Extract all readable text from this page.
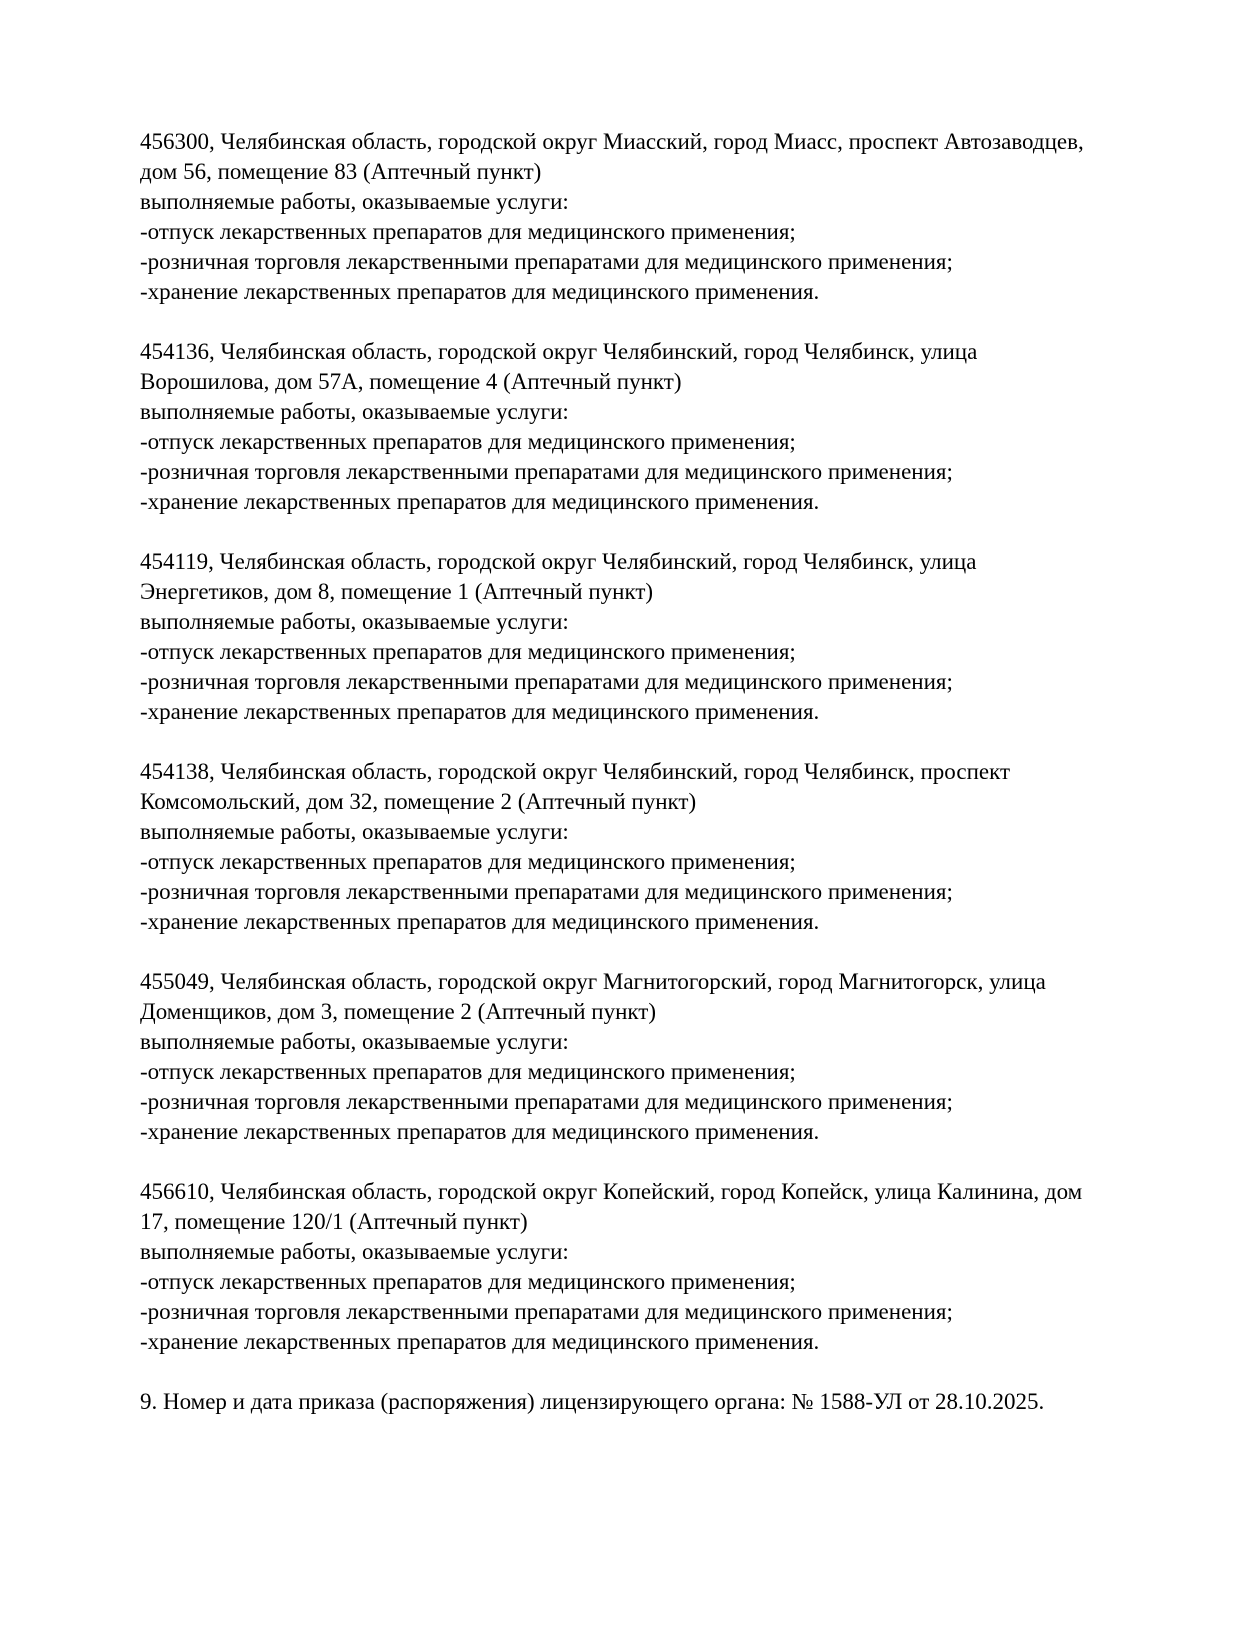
456300, Челябинская область, городской округ Миасский, город Миасс, проспект Автозаводцев,

дом 56, помещение 83 (Аптечный пункт)

выполняемые работы, оказываемые услуги:

-отпуск лекарственных препаратов для медицинского применения;

-розничная торговля лекарственными препаратами для медицинского применения;

-хранение лекарственных препаратов для медицинского применения.

454136, Челябинская область, городской округ Челябинский, город Челябинск, улица

Ворошилова, дом 57А, помещение 4 (Аптечный пункт)

выполняемые работы, оказываемые услуги:

-отпуск лекарственных препаратов для медицинского применения;

-розничная торговля лекарственными препаратами для медицинского применения;

-хранение лекарственных препаратов для медицинского применения.

454119, Челябинская область, городской округ Челябинский, город Челябинск, улица

Энергетиков, дом 8, помещение 1 (Аптечный пункт)

выполняемые работы, оказываемые услуги:

-отпуск лекарственных препаратов для медицинского применения;

-розничная торговля лекарственными препаратами для медицинского применения;

-хранение лекарственных препаратов для медицинского применения.

454138, Челябинская область, городской округ Челябинский, город Челябинск, проспект

Комсомольский, дом 32, помещение 2 (Аптечный пункт)

выполняемые работы, оказываемые услуги:

-отпуск лекарственных препаратов для медицинского применения;

-розничная торговля лекарственными препаратами для медицинского применения;

-хранение лекарственных препаратов для медицинского применения.

455049, Челябинская область, городской округ Магнитогорский, город Магнитогорск, улица

Доменщиков, дом 3, помещение 2 (Аптечный пункт)

выполняемые работы, оказываемые услуги:

-отпуск лекарственных препаратов для медицинского применения;

-розничная торговля лекарственными препаратами для медицинского применения;

-хранение лекарственных препаратов для медицинского применения.

456610, Челябинская область, городской округ Копейский, город Копейск, улица Калинина, дом

17, помещение 120/1 (Аптечный пункт)

выполняемые работы, оказываемые услуги:

-отпуск лекарственных препаратов для медицинского применения;

-розничная торговля лекарственными препаратами для медицинского применения;

-хранение лекарственных препаратов для медицинского применения.

9. Номер и дата приказа (распоряжения) лицензирующего органа: № 1588-УЛ от 28.10.2025.
